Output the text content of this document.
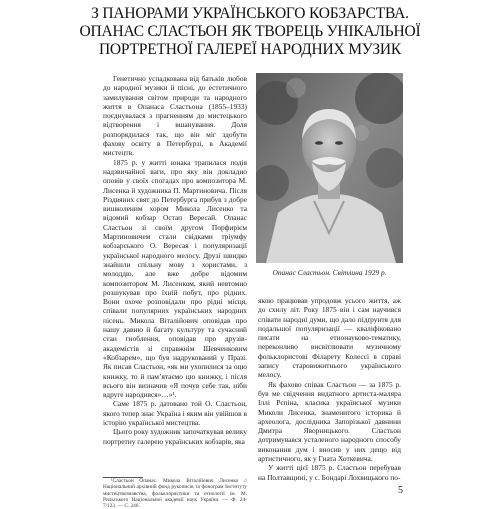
З ПАНОРАМИ УКРАЇНСЬКОГО КОБЗАРСТВА.
ОПАНАС СЛАСТЬОН ЯК ТВОРЕЦЬ УНІКАЛЬНОЇ
ПОРТРЕТНОЇ ГАЛЕРЕЇ НАРОДНИХ МУЗИК

Генетично успадкована від батьків любов до народної музики й пісні, до естетичного замилування світом природи та народного життя в Опанаса Сластьона (1855–1933) поєднувалася з прагненням до мистецького відтворення і вшанування. Доля розпорядилася так, що він міг здобути фахову освіту в Петербурзі, в Академії мистецтв.

1875 р. у житті юнака трапилася подія надзвичайної ваги, про яку він докладно оповів у своїх спогадах про композитора М. Лисенка й художника П. Мартиновича. Після Різдвяних свят до Петербурга прибув з добре вишколеним хором Микола Лисенко та відомий кобзар Остап Вересай. Опанас Сластьон зі своїм другом Порфирієм Мартиновичем стали свідками тріумфу кобзарського О. Вересая і популяризації української народного мелосу. Друзі швидко знайшли спільну мову з хористами, з молоддю, але вже добре відомим композитором М. Лисенком, який невтомно розшукував про їхній побут, про рідних. Вони охоче розповідали про рідні місця, співали популярних українських народних пісень. Микола Віталійович оповідав про нашу давню й багату культуру та сучасний стан гноблення, оповідав про друзів-академістів зі справжнім Шевченковим «Кобзарем», що був надрукований у Празі. Як писав Сластьон, «як ми ухопилися за оцю книжку, то й пам’ятаємо цю книжку, і після всього він визначив «Я почув себе так, ніби вдруге народився»…»¹.

Саме 1875 р. датовано той О. Сластьон, якого тепер знає Україна і яким він увійшов в історію української мистецтва.

Цього року художник започаткував велику портретну галерею українських кобзарів, яка

Опанас Сластьон. Світлина 1929 р.

якою працював упродовж усього життя, аж до схилу літ. Року 1875 він і сам научився співати народні думи, що дало підґрунтя для подальшої популяризації — кваліфіковано писати на етнонауково-тематику, переконливо висвітлювати музичному фольклористові Філарету Колессі в справі запису старовижитнього українського мелосу.

Як фахово співак Сластьон — за 1875 р. був ме свідчення видатного артиста-маляра Іллі Рєпіна, класика української музики Миколи Лисенка, знаменитого історика й археолога, дослідника Запорізької давнини Дмитра Яворницького. Сластьон дотримувався усталеного народного способу виконання дум і вносив у них дещо від артистичного, як у Гната Хоткевича.

У житті цієї 1875 р. Сластьон перебував на Полтавщині, у с. Бондарі Лохвицького по-

¹Сластьон Опанас. Микола Віталійович Лисенко // Національний архівний фонд рукописів та фонограм Інституту мистецтвознавства, фольклористики та етнології ім. М. Рильського Національної академії наук України. — Ф. 24-7/123. — С. 246.

5
